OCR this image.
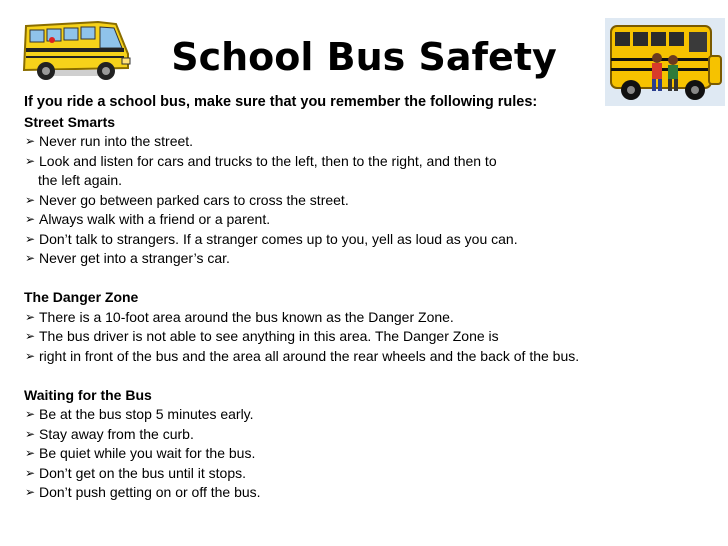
School Bus Safety
If you ride a school bus, make sure that you remember the following rules:
Street Smarts
➢ Never run into the street.
➢ Look and listen for cars and trucks to the left, then to the right, and then to
the left again.
➢ Never go between parked cars to cross the street.
➢ Always walk with a friend or a parent.
➢ Don’t talk to strangers. If a stranger comes up to you, yell as loud as you can.
➢ Never get into a stranger’s car.
The Danger Zone
➢ There is a 10-foot area around the bus known as the Danger Zone.
➢ The bus driver is not able to see anything in this area. The Danger Zone is
➢ right in front of the bus and the area all around the rear wheels and the back of the bus.
Waiting for the Bus
➢ Be at the bus stop 5 minutes early.
➢ Stay away from the curb.
➢ Be quiet while you wait for the bus.
➢ Don’t get on the bus until it stops.
➢ Don’t push getting on or off the bus.
